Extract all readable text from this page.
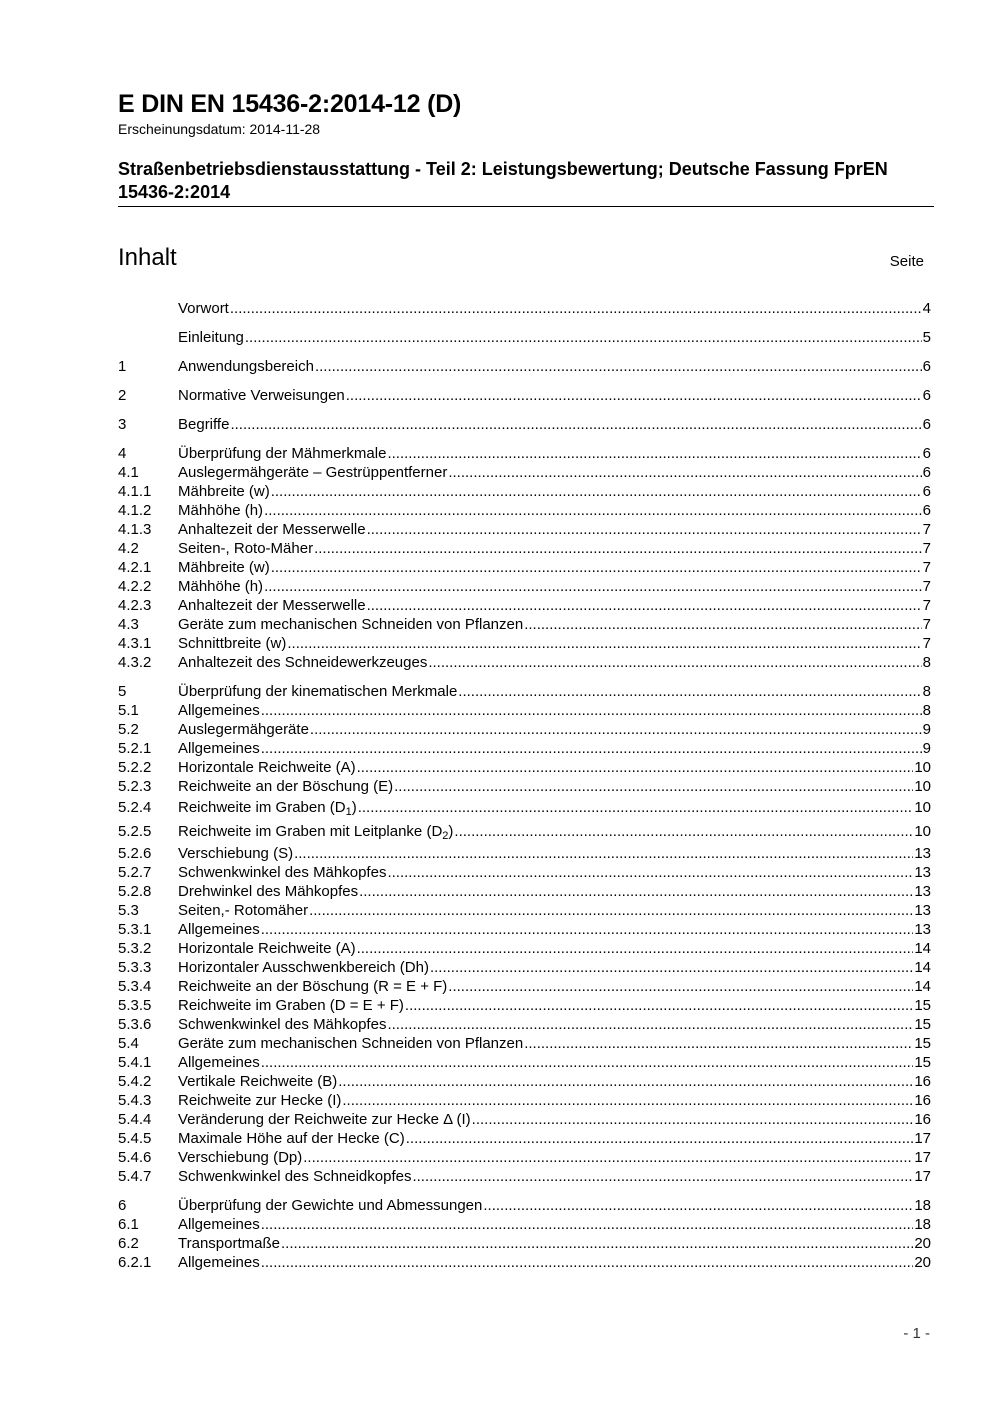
E DIN EN 15436-2:2014-12 (D)
Erscheinungsdatum: 2014-11-28
Straßenbetriebsdienstausstattung - Teil 2: Leistungsbewertung; Deutsche Fassung FprEN 15436-2:2014
Inhalt	Seite
Vorwort .....	4
Einleitung .....	5
1	Anwendungsbereich .....	6
2	Normative Verweisungen .....	6
3	Begriffe .....	6
4	Überprüfung der Mähmerkmale .....	6
4.1	Auslegermähgeräte – Gestrüppentferner .....	6
4.1.1	Mähbreite (w) .....	6
4.1.2	Mähhöhe (h) .....	6
4.1.3	Anhaltezeit der Messerwelle .....	7
4.2	Seiten-, Roto-Mäher .....	7
4.2.1	Mähbreite (w) .....	7
4.2.2	Mähhöhe (h) .....	7
4.2.3	Anhaltezeit der Messerwelle .....	7
4.3	Geräte zum mechanischen Schneiden von Pflanzen .....	7
4.3.1	Schnittbreite (w) .....	7
4.3.2	Anhaltezeit des Schneidewerkzeuges .....	8
5	Überprüfung der kinematischen Merkmale .....	8
5.1	Allgemeines .....	8
5.2	Auslegermähgeräte .....	9
5.2.1	Allgemeines .....	9
5.2.2	Horizontale Reichweite (A) .....	10
5.2.3	Reichweite an der Böschung (E) .....	10
5.2.4	Reichweite im Graben $(D_1)$ .....	10
5.2.5	Reichweite im Graben mit Leitplanke $(D_2)$ .....	10
5.2.6	Verschiebung (S) .....	13
5.2.7	Schwenkwinkel des Mähkopfes .....	13
5.2.8	Drehwinkel des Mähkopfes .....	13
5.3	Seiten,- Rotomäher .....	13
5.3.1	Allgemeines .....	13
5.3.2	Horizontale Reichweite (A) .....	14
5.3.3	Horizontaler Ausschwenkbereich (Dh) .....	14
5.3.4	Reichweite an der Böschung (R = E + F) .....	14
5.3.5	Reichweite im Graben (D = E + F) .....	15
5.3.6	Schwenkwinkel des Mähkopfes .....	15
5.4	Geräte zum mechanischen Schneiden von Pflanzen .....	15
5.4.1	Allgemeines .....	15
5.4.2	Vertikale Reichweite (B) .....	16
5.4.3	Reichweite zur Hecke (I) .....	16
5.4.4	Veränderung der Reichweite zur Hecke Δ (I) .....	16
5.4.5	Maximale Höhe auf der Hecke (C) .....	17
5.4.6	Verschiebung (Dp) .....	17
5.4.7	Schwenkwinkel des Schneidkopfes .....	17
6	Überprüfung der Gewichte und Abmessungen .....	18
6.1	Allgemeines .....	18
6.2	Transportmaße .....	20
6.2.1	Allgemeines .....	20
- 1 -
